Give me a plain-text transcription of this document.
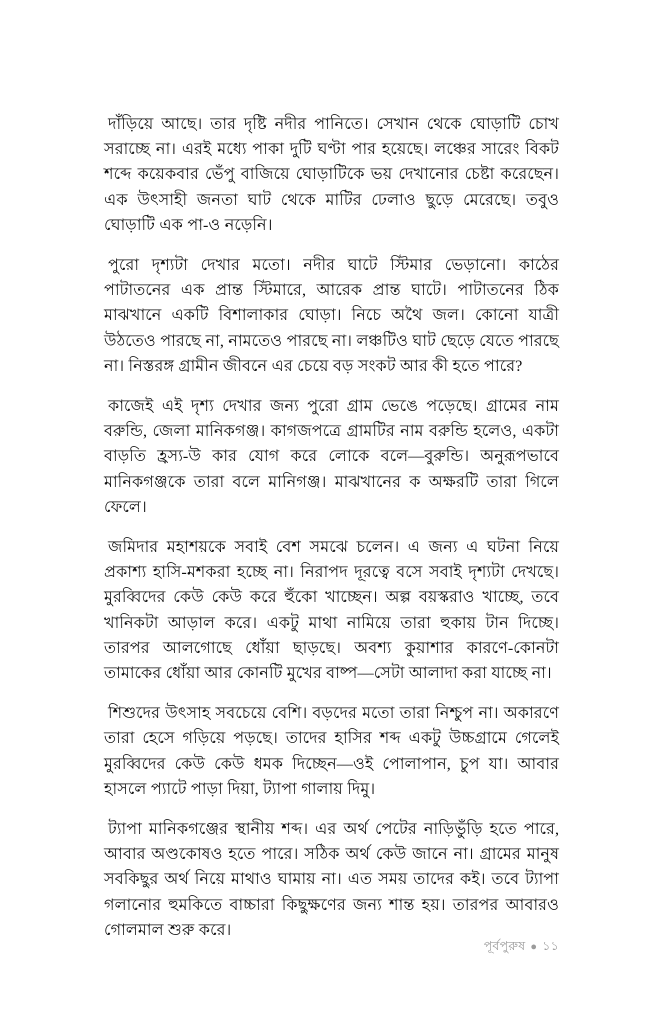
দাঁড়িয়ে আছে। তার দৃষ্টি নদীর পানিতে। সেখান থেকে ঘোড়াটি চোখ সরাচ্ছে না। এরই মধ্যে পাকা দুটি ঘণ্টা পার হয়েছে। লঞ্চের সারেং বিকট শব্দে কয়েকবার ভেঁপু বাজিয়ে ঘোড়াটিকে ভয় দেখানোর চেষ্টা করেছেন। এক উৎসাহী জনতা ঘাট থেকে মাটির ঢেলাও ছুড়ে মেরেছে। তবুও ঘোড়াটি এক পা-ও নড়েনি।

পুরো দৃশ্যটা দেখার মতো। নদীর ঘাটে স্টিমার ভেড়ানো। কাঠের পাটাতনের এক প্রান্ত স্টিমারে, আরেক প্রান্ত ঘাটে। পাটাতনের ঠিক মাঝখানে একটি বিশালাকার ঘোড়া। নিচে অথৈ জল। কোনো যাত্রী উঠতেও পারছে না, নামতেও পারছে না। লঞ্চটিও ঘাট ছেড়ে যেতে পারছে না। নিস্তরঙ্গ গ্রামীন জীবনে এর চেয়ে বড় সংকট আর কী হতে পারে?

কাজেই এই দৃশ্য দেখার জন্য পুরো গ্রাম ভেঙে পড়েছে। গ্রামের নাম বরুন্ডি, জেলা মানিকগঞ্জ। কাগজপত্রে গ্রামটির নাম বরুন্ডি হলেও, একটা বাড়তি হ্রস্য-উ কার যোগ করে লোকে বলে—বুরুন্ডি। অনুরূপভাবে মানিকগঞ্জকে তারা বলে মানিগঞ্জ। মাঝখানের ক অক্ষরটি তারা গিলে ফেলে।

জমিদার মহাশয়কে সবাই বেশ সমঝে চলেন। এ জন্য এ ঘটনা নিয়ে প্রকাশ্য হাসি-মশকরা হচ্ছে না। নিরাপদ দূরত্বে বসে সবাই দৃশ্যটা দেখছে। মুরব্বিদের কেউ কেউ করে হুঁকো খাচ্ছেন। অল্প বয়স্করাও খাচ্ছে, তবে খানিকটা আড়াল করে। একটু মাথা নামিয়ে তারা হুকায় টান দিচ্ছে। তারপর আলগোছে ধোঁয়া ছাড়ছে। অবশ্য কুয়াশার কারণে-কোনটা তামাকের ধোঁয়া আর কোনটি মুখের বাষ্প—সেটা আলাদা করা যাচ্ছে না।

শিশুদের উৎসাহ সবচেয়ে বেশি। বড়দের মতো তারা নিশ্চুপ না। অকারণে তারা হেসে গড়িয়ে পড়ছে। তাদের হাসির শব্দ একটু উচ্চগ্রামে গেলেই মুরব্বিদের কেউ কেউ ধমক দিচ্ছেন—ওই পোলাপান, চুপ যা। আবার হাসলে প্যাটে পাড়া দিয়া, ট্যাপা গালায় দিমু।

ট্যাপা মানিকগঞ্জের স্থানীয় শব্দ। এর অর্থ পেটের নাড়িভুঁড়ি হতে পারে, আবার অণ্ডকোষও হতে পারে। সঠিক অর্থ কেউ জানে না। গ্রামের মানুষ সবকিছুর অর্থ নিয়ে মাথাও ঘামায় না। এত সময় তাদের কই। তবে ট্যাপা গলানোর হুমকিতে বাচ্চারা কিছুক্ষণের জন্য শান্ত হয়। তারপর আবারও গোলমাল শুরু করে।

পূর্বপুরুষ ● ১১
